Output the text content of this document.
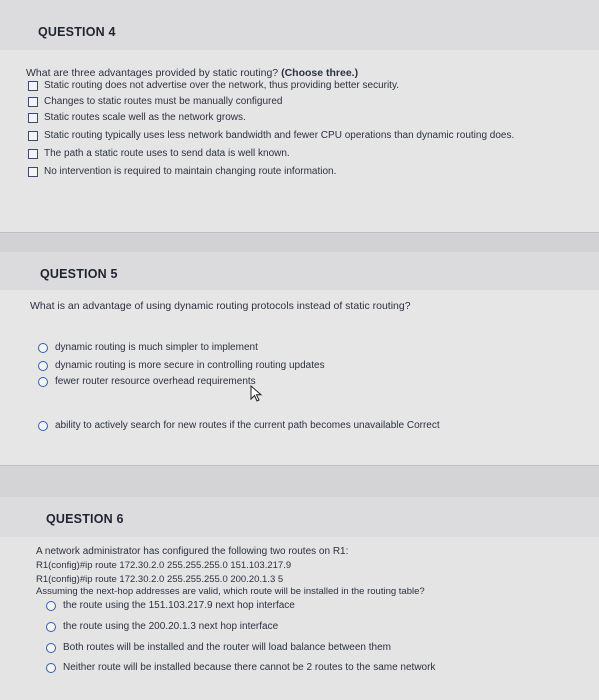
QUESTION 4
What are three advantages provided by static routing? (Choose three.)
Static routing does not advertise over the network, thus providing better security.
Changes to static routes must be manually configured
Static routes scale well as the network grows.
Static routing typically uses less network bandwidth and fewer CPU operations than dynamic routing does.
The path a static route uses to send data is well known.
No intervention is required to maintain changing route information.
QUESTION 5
What is an advantage of using dynamic routing protocols instead of static routing?
dynamic routing is much simpler to implement
dynamic routing is more secure in controlling routing updates
fewer router resource overhead requirements
ability to actively search for new routes if the current path becomes unavailable Correct
QUESTION 6
A network administrator has configured the following two routes on R1:
R1(config)#ip route 172.30.2.0 255.255.255.0 151.103.217.9
R1(config)#ip route 172.30.2.0 255.255.255.0 200.20.1.3 5
Assuming the next-hop addresses are valid, which route will be installed in the routing table?
the route using the 151.103.217.9 next hop interface
the route using the 200.20.1.3 next hop interface
Both routes will be installed and the router will load balance between them
Neither route will be installed because there cannot be 2 routes to the same network
